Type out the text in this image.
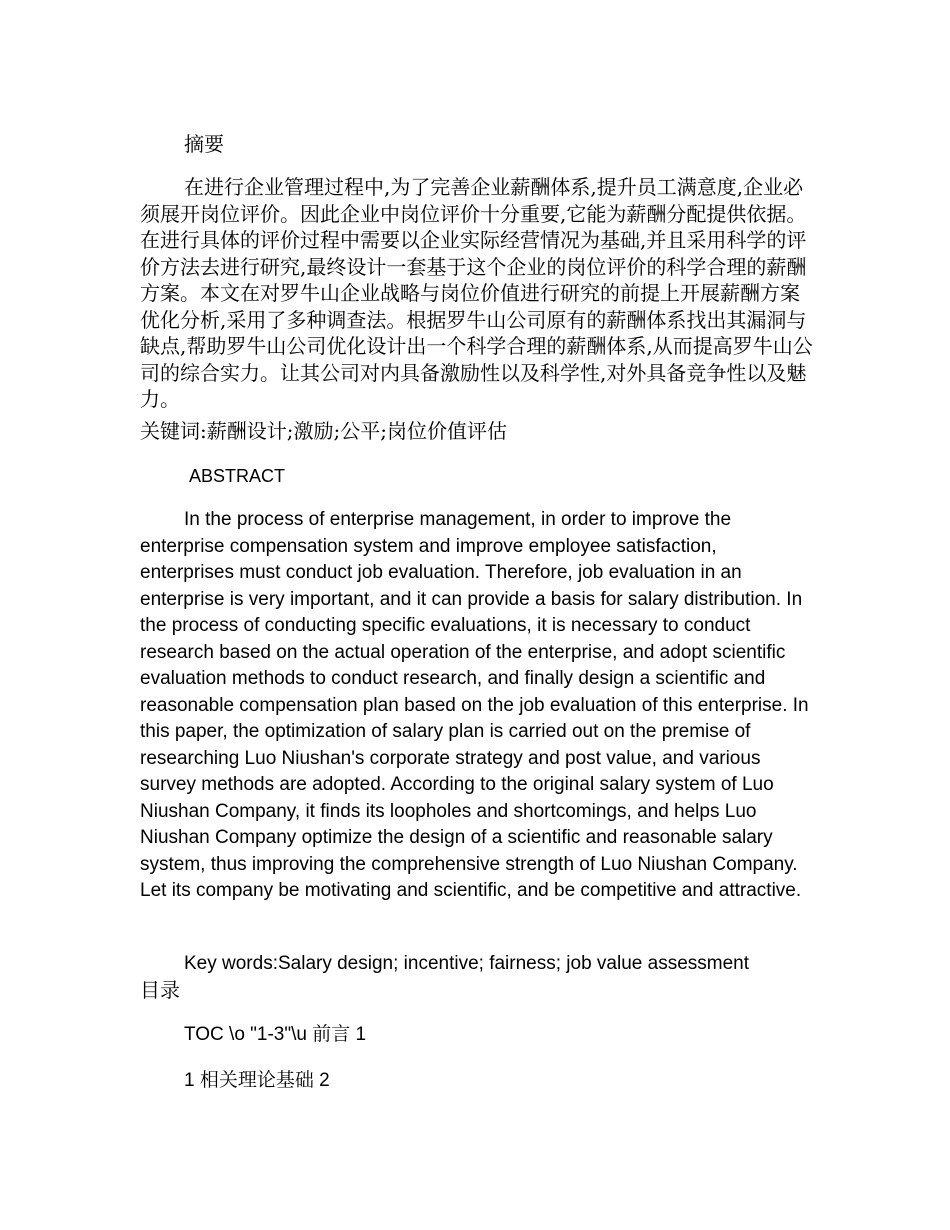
摘要
在进行企业管理过程中,为了完善企业薪酬体系,提升员工满意度,企业必须展开岗位评价。因此企业中岗位评价十分重要,它能为薪酬分配提供依据。在进行具体的评价过程中需要以企业实际经营情况为基础,并且采用科学的评价方法去进行研究,最终设计一套基于这个企业的岗位评价的科学合理的薪酬方案。本文在对罗牛山企业战略与岗位价值进行研究的前提上开展薪酬方案优化分析,采用了多种调查法。根据罗牛山公司原有的薪酬体系找出其漏洞与缺点,帮助罗牛山公司优化设计出一个科学合理的薪酬体系,从而提高罗牛山公司的综合实力。让其公司对内具备激励性以及科学性,对外具备竞争性以及魅力。
关键词:薪酬设计;激励;公平;岗位价值评估
ABSTRACT
In the process of enterprise management, in order to improve the enterprise compensation system and improve employee satisfaction, enterprises must conduct job evaluation. Therefore, job evaluation in an enterprise is very important, and it can provide a basis for salary distribution. In the process of conducting specific evaluations, it is necessary to conduct research based on the actual operation of the enterprise, and adopt scientific evaluation methods to conduct research, and finally design a scientific and reasonable compensation plan based on the job evaluation of this enterprise. In this paper, the optimization of salary plan is carried out on the premise of researching Luo Niushan's corporate strategy and post value, and various survey methods are adopted. According to the original salary system of Luo Niushan Company, it finds its loopholes and shortcomings, and helps Luo Niushan Company optimize the design of a scientific and reasonable salary system, thus improving the comprehensive strength of Luo Niushan Company. Let its company be motivating and scientific, and be competitive and attractive.
Key words:Salary design; incentive; fairness; job value assessment
目录
TOC \o "1-3"\u 前言 1
1 相关理论基础 2
